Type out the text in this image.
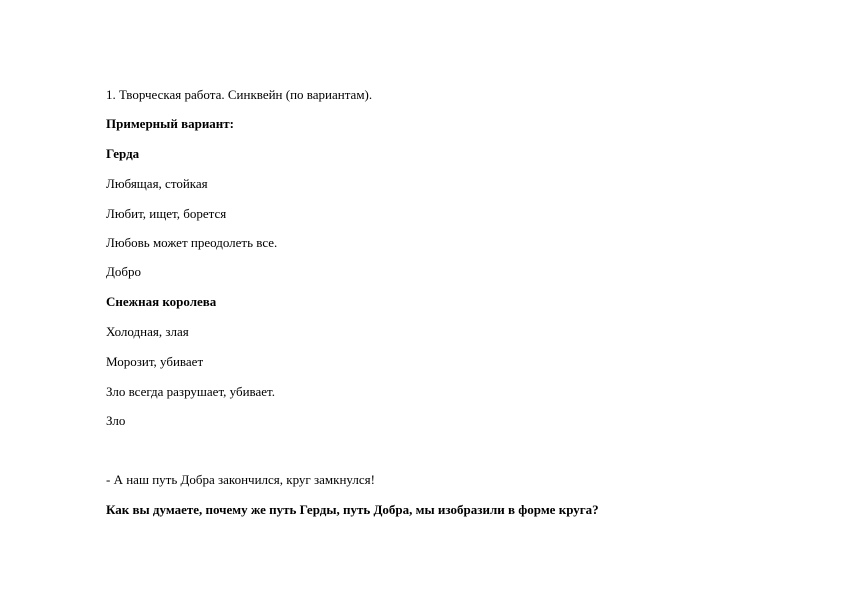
1. Творческая работа. Синквейн (по вариантам).
Примерный вариант:
Герда
Любящая, стойкая
Любит, ищет, борется
Любовь может преодолеть все.
Добро
Снежная королева
Холодная, злая
Морозит, убивает
Зло всегда разрушает, убивает.
Зло
- А наш путь Добра закончился, круг замкнулся!
Как вы думаете, почему же путь Герды, путь Добра, мы изобразили в форме круга?
